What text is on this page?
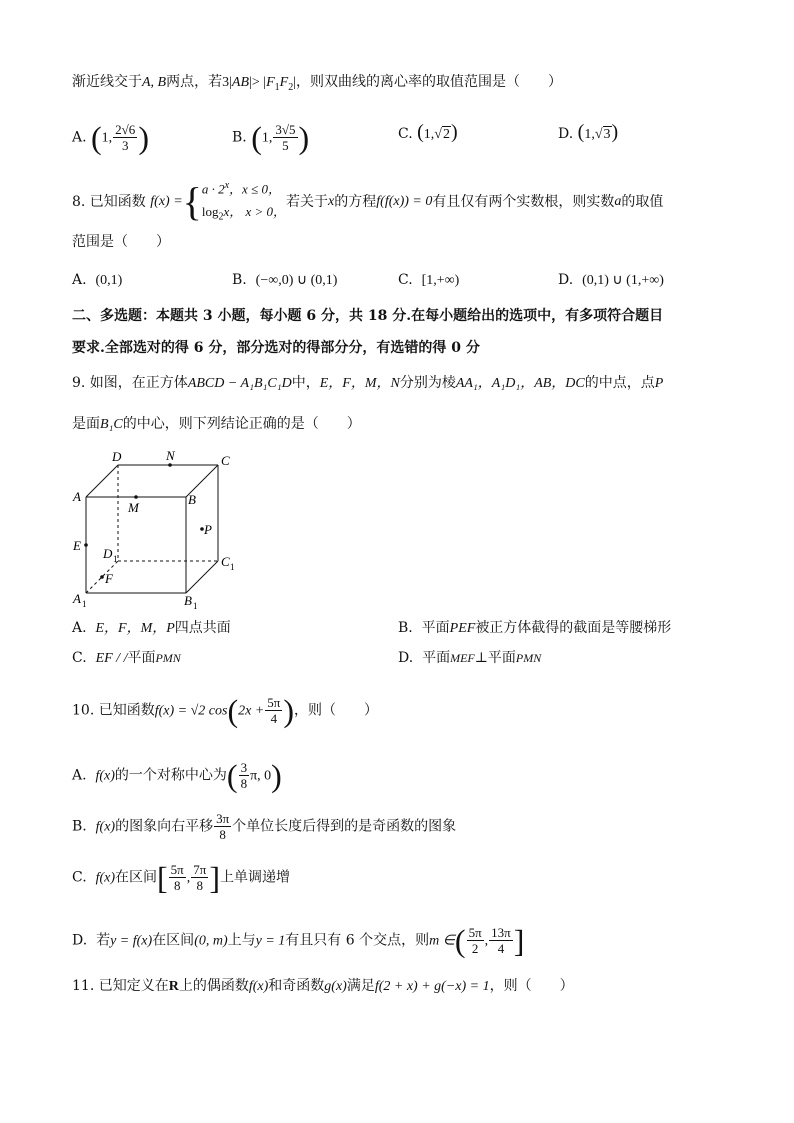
渐近线交于A, B两点，若$3|AB|> |F_1F_2|$，则双曲线的离心率的取值范围是（　　）
A. (1, $\frac{2√6}{3}$ )	B. (1, $\frac{3√5}{5}$ )	C. (1,√2)	D. (1,√3)
8. 已知函数 f(x) ={ $a \cdot 2^x$，x ≤ 0，
$\log_2x$， x > 0，
若关于x的方程f(f(x)) = 0有且仅有两个实数根，则实数a的取值
范围是（　　）
A. (0,1)	B. (−∞,0) ∪ (0,1)	C. [1,+∞)	D. (0,1) ∪ (1,+∞)
二、多选题：本题共 3 小题，每小题 6 分，共 18 分.在每小题给出的选项中，有多项符合题目
要求.全部选对的得 6 分，部分选对的得部分分，有选错的得 0 分
9. 如图，在正方体ABCD − A₁B₁C₁D中，E，F，M，N分别为棱AA₁，A₁D₁，AB，DC的中点，点P
是面B₁C的中心，则下列结论正确的是（　　）
D	N	C
A	B
M
P
E
D 1	C 1
F
A 1	B 1
A. E，F，M，P四点共面	B. 平面PEF被正方体截得的截面是等腰梯形
C. EF / /平面PMN	D. 平面MEF⊥平面PMN
10. 已知函数f(x) = √2 $\cos(2x + \frac{5\pi}{4}$ )，则（　　）
A. f(x)的一个对称中心为( $\frac{3}{8} \pi$, 0)
B. f(x)的图象向右平移 $\frac{3\pi}{8}$ 个单位长度后得到的是奇函数的图象
C. f(x)在区间[ $\frac{5\pi}{8}$ , $\frac{7\pi}{8}$ ]上单调递增
D. 若y = f(x)在区间(0, m)上与y = 1有且只有 6 个交点，则m ∈( $\frac{5\pi}{2}$ , $\frac{13\pi}{4}$ ]
11. 已知定义在R上的偶函数f(x)和奇函数g(x)满足f(2 + x) + g(−x) = 1，则（　　）
